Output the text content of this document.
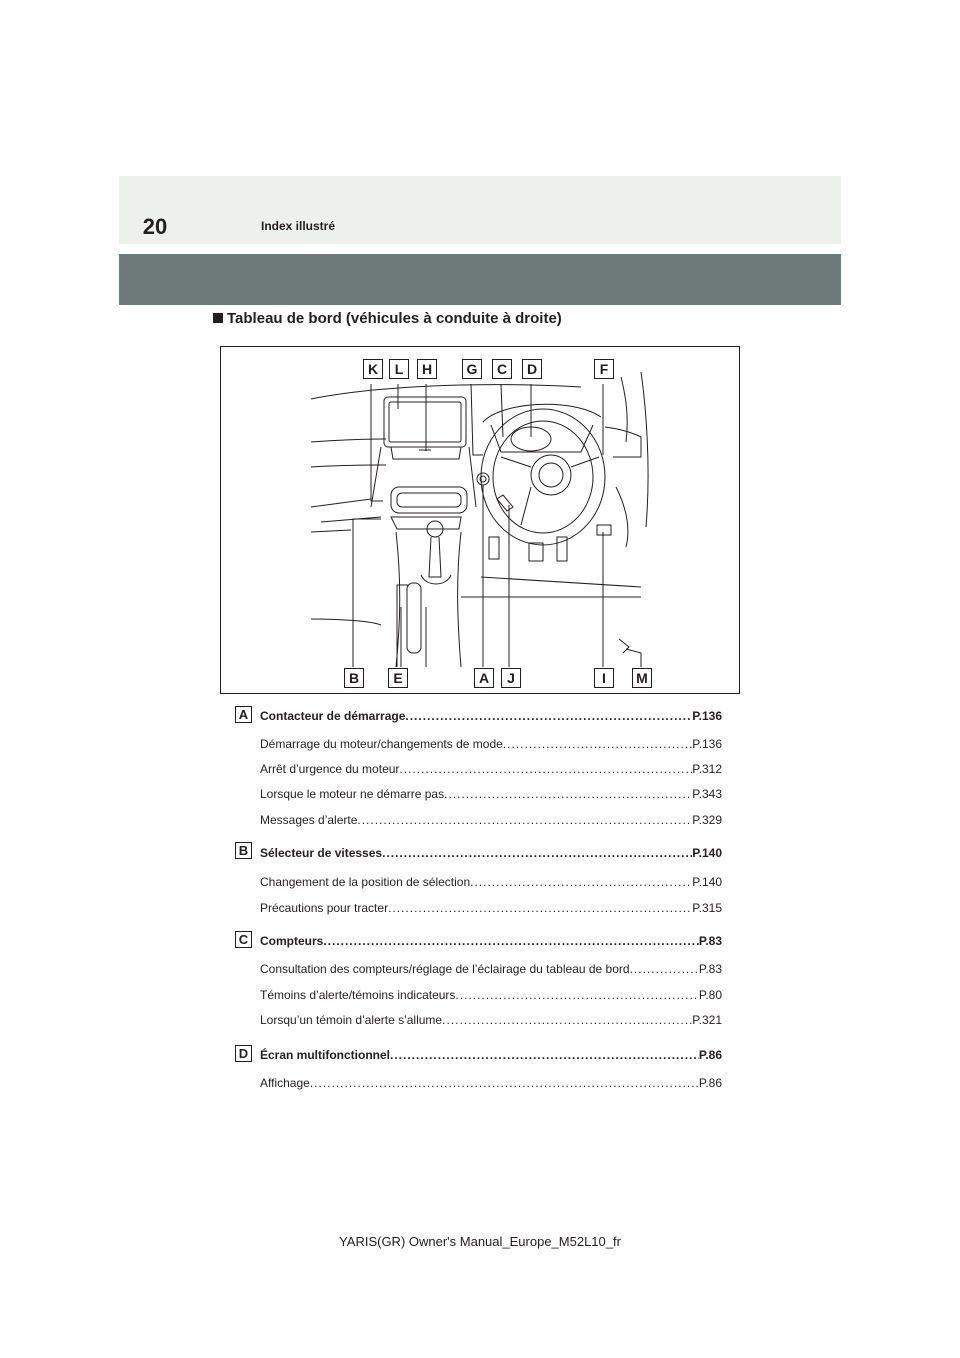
20	Index illustré
Tableau de bord (véhicules à conduite à droite)
K	L	H	G	C	D	F
B	E	A	J	I	M
A Contacteur de démarrage .....	P.136
Démarrage du moteur/changements de mode .....	P.136
Arrêt d’urgence du moteur .....	P.312
Lorsque le moteur ne démarre pas .....	P.343
Messages d’alerte .....	P.329
B Sélecteur de vitesses .....	P.140
Changement de la position de sélection .....	P.140
Précautions pour tracter .....	P.315
C Compteurs .....	P.83
Consultation des compteurs/réglage de l’éclairage du tableau de bord .....	P.83
Témoins d’alerte/témoins indicateurs .....	P.80
Lorsqu’un témoin d’alerte s’allume .....	P.321
D Écran multifonctionnel .....	P.86
Affichage .....	P.86
YARIS(GR) Owner's Manual_Europe_M52L10_fr
